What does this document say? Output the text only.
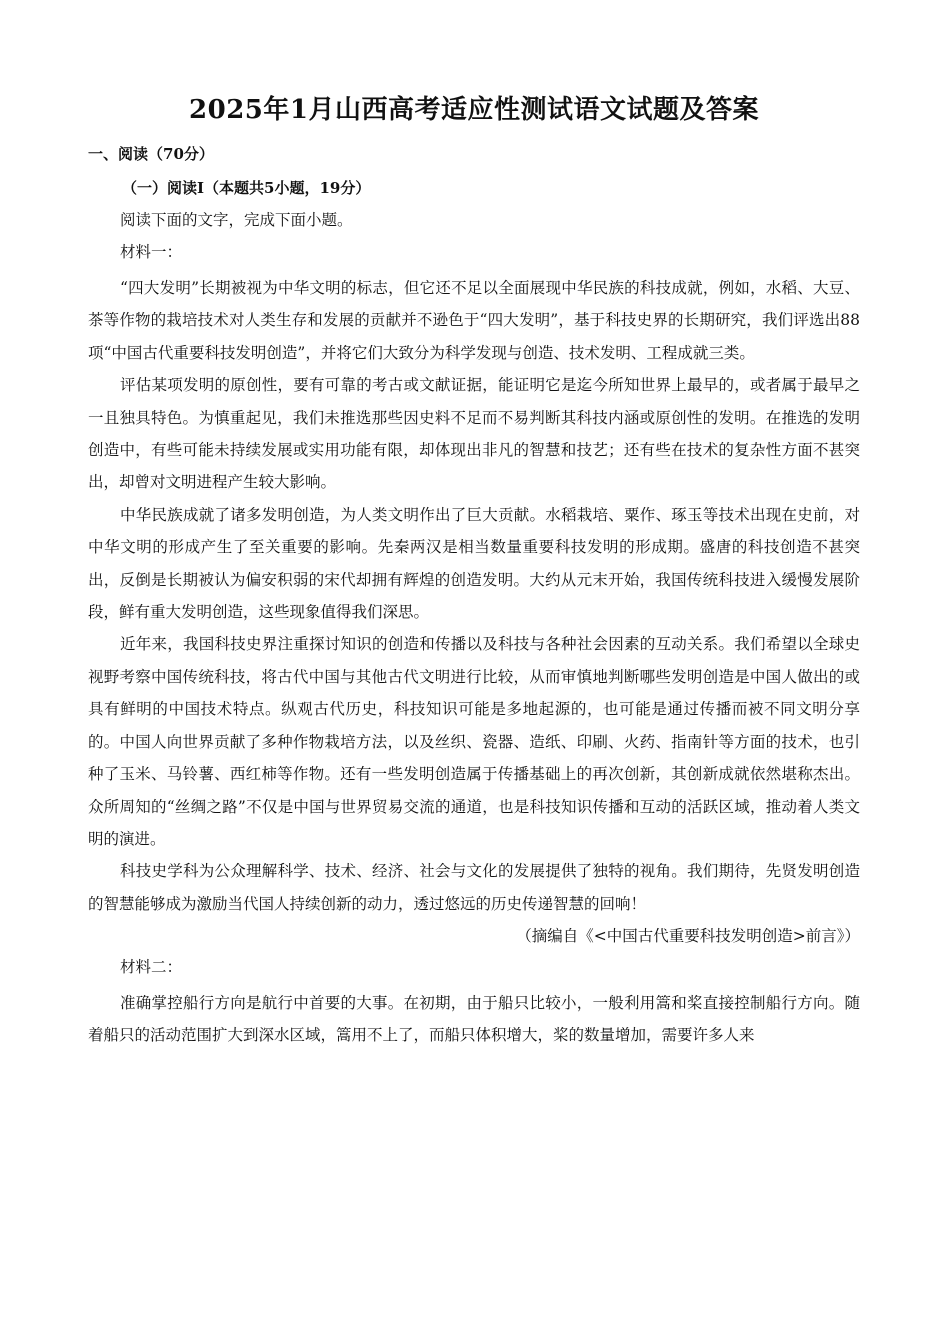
2025年1月山西高考适应性测试语文试题及答案
一、阅读（70分）
（一）阅读Ⅰ（本题共5小题，19分）
阅读下面的文字，完成下面小题。
材料一：

“四大发明”长期被视为中华文明的标志，但它还不足以全面展现中华民族的科技成就，例如，水稻、大豆、茶等作物的栽培技术对人类生存和发展的贡献并不逊色于“四大发明”，基于科技史界的长期研究，我们评选出88项“中国古代重要科技发明创造”，并将它们大致分为科学发现与创造、技术发明、工程成就三类。

评估某项发明的原创性，要有可靠的考古或文献证据，能证明它是迄今所知世界上最早的，或者属于最早之一且独具特色。为慎重起见，我们未推选那些因史料不足而不易判断其科技内涵或原创性的发明。在推选的发明创造中，有些可能未持续发展或实用功能有限，却体现出非凡的智慧和技艺；还有些在技术的复杂性方面不甚突出，却曾对文明进程产生较大影响。

中华民族成就了诸多发明创造，为人类文明作出了巨大贡献。水稻栽培、粟作、琢玉等技术出现在史前，对中华文明的形成产生了至关重要的影响。先秦两汉是相当数量重要科技发明的形成期。盛唐的科技创造不甚突出，反倒是长期被认为偏安积弱的宋代却拥有辉煌的创造发明。大约从元末开始，我国传统科技进入缓慢发展阶段，鲜有重大发明创造，这些现象值得我们深思。

近年来，我国科技史界注重探讨知识的创造和传播以及科技与各种社会因素的互动关系。我们希望以全球史视野考察中国传统科技，将古代中国与其他古代文明进行比较，从而审慎地判断哪些发明创造是中国人做出的或具有鲜明的中国技术特点。纵观古代历史，科技知识可能是多地起源的，也可能是通过传播而被不同文明分享的。中国人向世界贡献了多种作物栽培方法，以及丝织、瓷器、造纸、印刷、火药、指南针等方面的技术，也引种了玉米、马铃薯、西红柿等作物。还有一些发明创造属于传播基础上的再次创新，其创新成就依然堪称杰出。众所周知的“丝绸之路”不仅是中国与世界贸易交流的通道，也是科技知识传播和互动的活跃区域，推动着人类文明的演进。

科技史学科为公众理解科学、技术、经济、社会与文化的发展提供了独特的视角。我们期待，先贤发明创造的智慧能够成为激励当代国人持续创新的动力，透过悠远的历史传递智慧的回响！

（摘编自《<中国古代重要科技发明创造>前言》）

材料二：

准确掌控船行方向是航行中首要的大事。在初期，由于船只比较小，一般利用篙和桨直接控制船行方向。随着船只的活动范围扩大到深水区域，篙用不上了，而船只体积增大，桨的数量增加，需要许多人来
